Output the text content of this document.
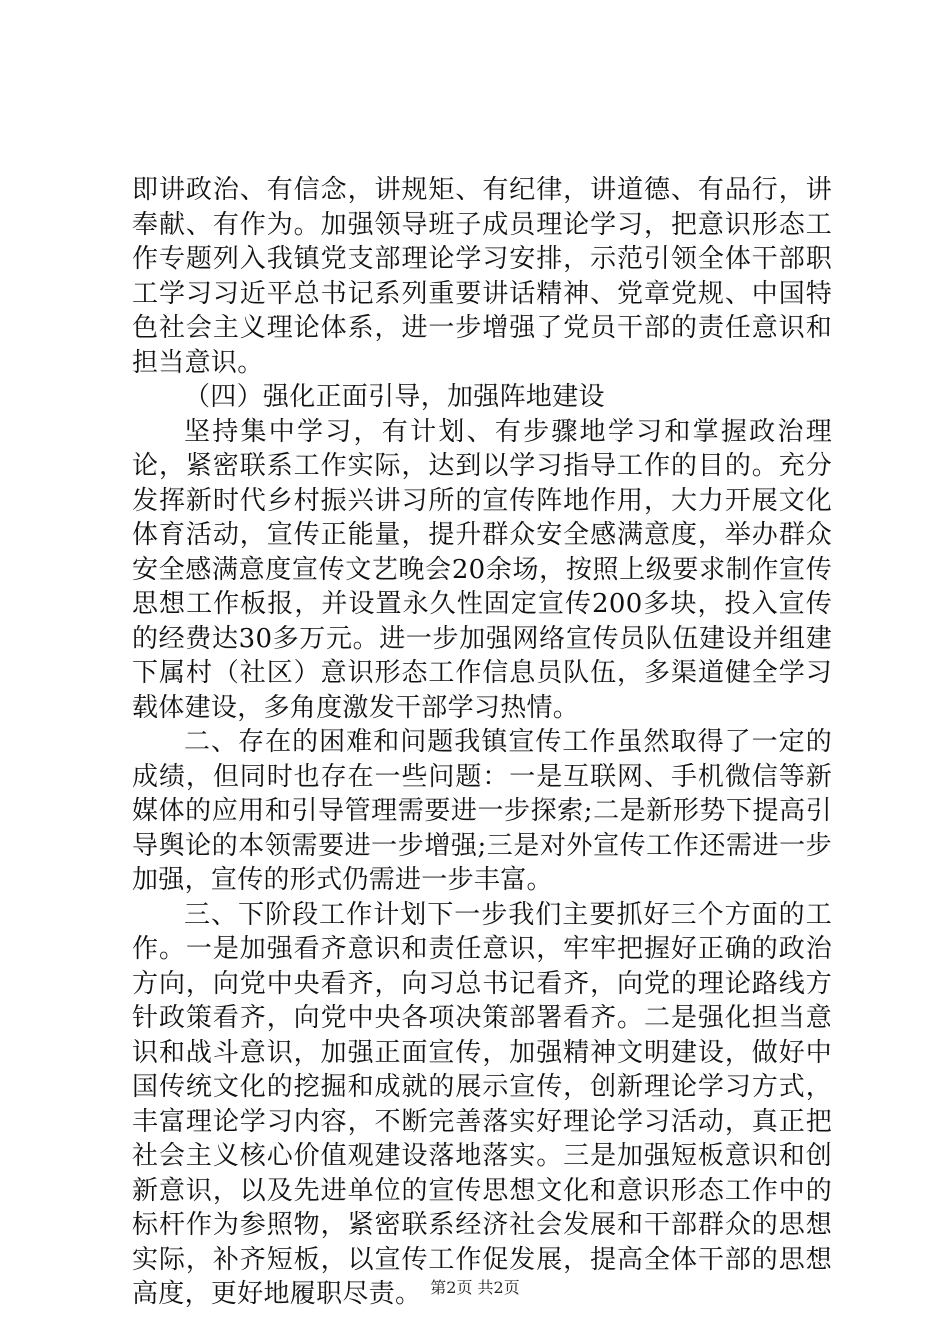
即讲政治、有信念，讲规矩、有纪律，讲道德、有品行，讲奉献、有作为。加强领导班子成员理论学习，把意识形态工作专题列入我镇党支部理论学习安排，示范引领全体干部职工学习习近平总书记系列重要讲话精神、党章党规、中国特色社会主义理论体系，进一步增强了党员干部的责任意识和担当意识。

（四）强化正面引导，加强阵地建设

坚持集中学习，有计划、有步骤地学习和掌握政治理论，紧密联系工作实际，达到以学习指导工作的目的。充分发挥新时代乡村振兴讲习所的宣传阵地作用，大力开展文化体育活动，宣传正能量，提升群众安全感满意度，举办群众安全感满意度宣传文艺晚会20余场，按照上级要求制作宣传思想工作板报，并设置永久性固定宣传200多块，投入宣传的经费达30多万元。进一步加强网络宣传员队伍建设并组建下属村（社区）意识形态工作信息员队伍，多渠道健全学习载体建设，多角度激发干部学习热情。

二、存在的困难和问题我镇宣传工作虽然取得了一定的成绩，但同时也存在一些问题：一是互联网、手机微信等新媒体的应用和引导管理需要进一步探索;二是新形势下提高引导舆论的本领需要进一步增强;三是对外宣传工作还需进一步加强，宣传的形式仍需进一步丰富。

三、下阶段工作计划下一步我们主要抓好三个方面的工作。一是加强看齐意识和责任意识，牢牢把握好正确的政治方向，向党中央看齐，向习总书记看齐，向党的理论路线方针政策看齐，向党中央各项决策部署看齐。二是强化担当意识和战斗意识，加强正面宣传，加强精神文明建设，做好中国传统文化的挖掘和成就的展示宣传，创新理论学习方式，丰富理论学习内容，不断完善落实好理论学习活动，真正把社会主义核心价值观建设落地落实。三是加强短板意识和创新意识，以及先进单位的宣传思想文化和意识形态工作中的标杆作为参照物，紧密联系经济社会发展和干部群众的思想实际，补齐短板，以宣传工作促发展，提高全体干部的思想高度，更好地履职尽责。 第2页 共2页
